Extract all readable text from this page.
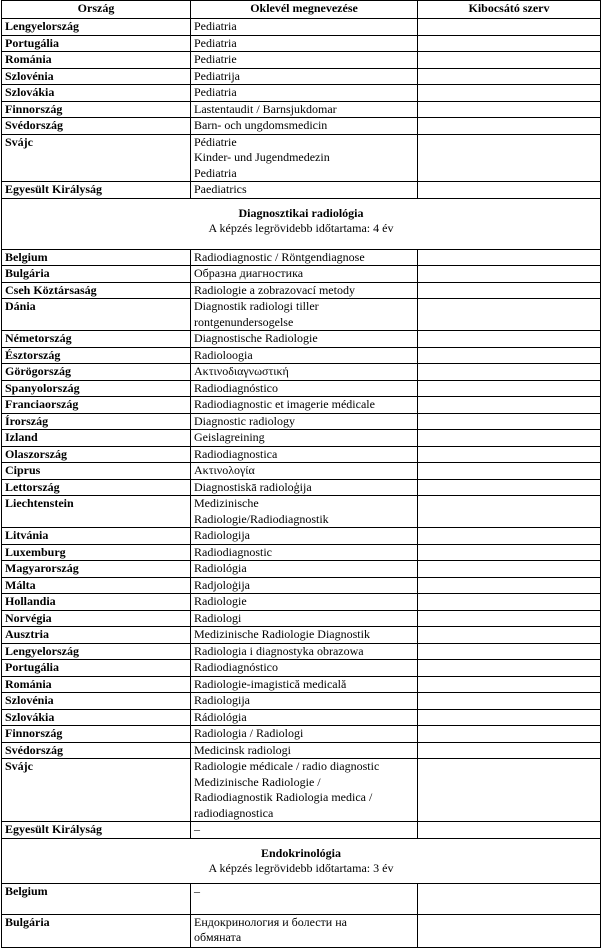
Ország	Oklevél megnevezése	Kibocsátó szerv
Lengyelország	Pediatria	

Portugália	Pediatria	

Románia	Pediatrie	

Szlovénia	Pediatrija	

Szlovákia	Pediatria	

Finnország	Lastentaudit / Barnsjukdomar	

Svédország	Barn- och ungdomsmedicin	

Svájc	Pédiatrie
Kinder- und Jugendmedezin
Pediatria	

Egyesült Királyság	Paediatrics	

Diagnosztikai radiológia
A képzés legrövidebb időtartama: 4 év		

Belgium	Radiodiagnostic / Röntgendiagnose	

Bulgária	Образна диагностика	

Cseh Köztársaság	Radiologie a zobrazovací metody	

Dánia	Diagnostik radiologi tiller
rontgenundersogelse	

Németország	Diagnostische Radiologie	

Észtország	Radioloogia	

Görögország	Ακτινοδιαγνωστική	

Spanyolország	Radiodiagnóstico	

Franciaország	Radiodiagnostic et imagerie médicale	

Írország	Diagnostic radiology	

Izland	Geislagreining	

Olaszország	Radiodiagnostica	

Ciprus	Ακτινολογία	

Lettország	Diagnostiskā radioloģija	

Liechtenstein	Medizinische
Radiologie/Radiodiagnostik	

Litvánia	Radiologija	

Luxemburg	Radiodiagnostic	

Magyarország	Radiológia	

Málta	Radjoloġija	

Hollandia	Radiologie	

Norvégia	Radiologi	

Ausztria	Medizinische Radiologie Diagnostik	

Lengyelország	Radiologia i diagnostyka obrazowa	

Portugália	Radiodiagnóstico	

Románia	Radiologie-imagistică medicală	

Szlovénia	Radiologija	

Szlovákia	Rádiológia	

Finnország	Radiologia / Radiologi	

Svédország	Medicinsk radiologi	

Svájc	Radiologie médicale / radio diagnostic
Medizinische Radiologie /
Radiodiagnostik Radiologia medica /
radiodiagnostica	

Egyesült Királyság	–	

Endokrinológia
A képzés legrövidebb időtartama: 3 év		

Belgium	–	

Bulgária	Ендокринология и болести на
обмяната	
